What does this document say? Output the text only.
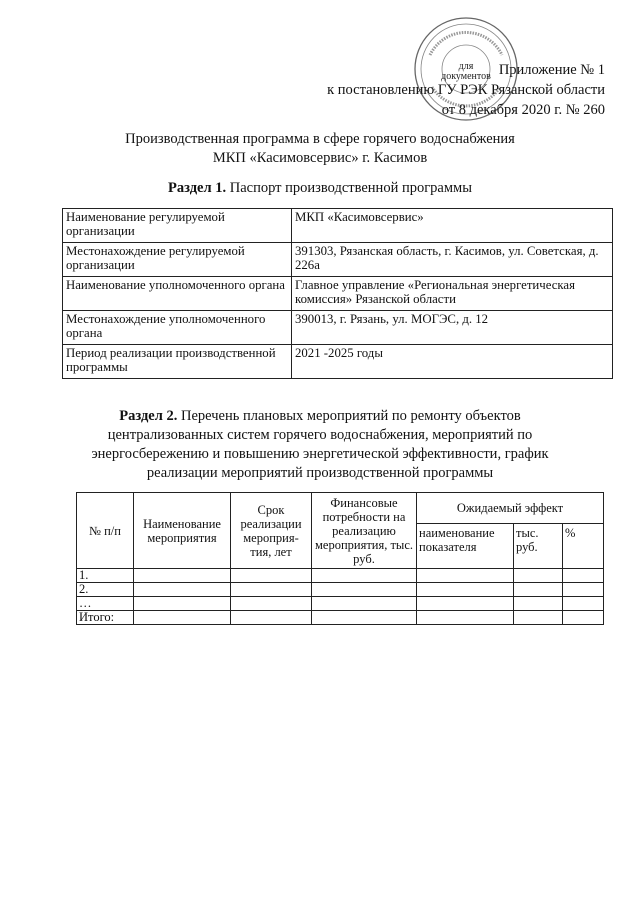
Приложение № 1
к постановлению ГУ РЭК Рязанской области
от 8 декабря 2020 г. № 260
для
документов
Производственная программа в сфере горячего водоснабжения
МКП «Касимовсервис» г. Касимов
Раздел 1. Паспорт производственной программы
Наименование регулируемой организации	МКП «Касимовсервис»
Местонахождение регулируемой организации	391303, Рязанская область, г. Касимов, ул. Советская, д. 226а
Наименование уполномоченного органа	Главное управление «Региональная энергетическая комиссия» Рязанской области
Местонахождение уполномоченного органа	390013, г. Рязань, ул. МОГЭС, д. 12
Период реализации производственной программы	2021 -2025 годы
Раздел 2. Перечень плановых мероприятий по ремонту объектов централизованных систем горячего водоснабжения, мероприятий по энергосбережению и повышению энергетической эффективности, график реализации мероприятий производственной программы
№ п/п	Наименование мероприятия	Срок реализации мероприя-тия, лет	Финансовые потребности на реализацию мероприятия, тыс. руб.	Ожидаемый эффект		
				наименование показателя	тыс. руб.	%
1.						
2.						
…						
Итого:						
